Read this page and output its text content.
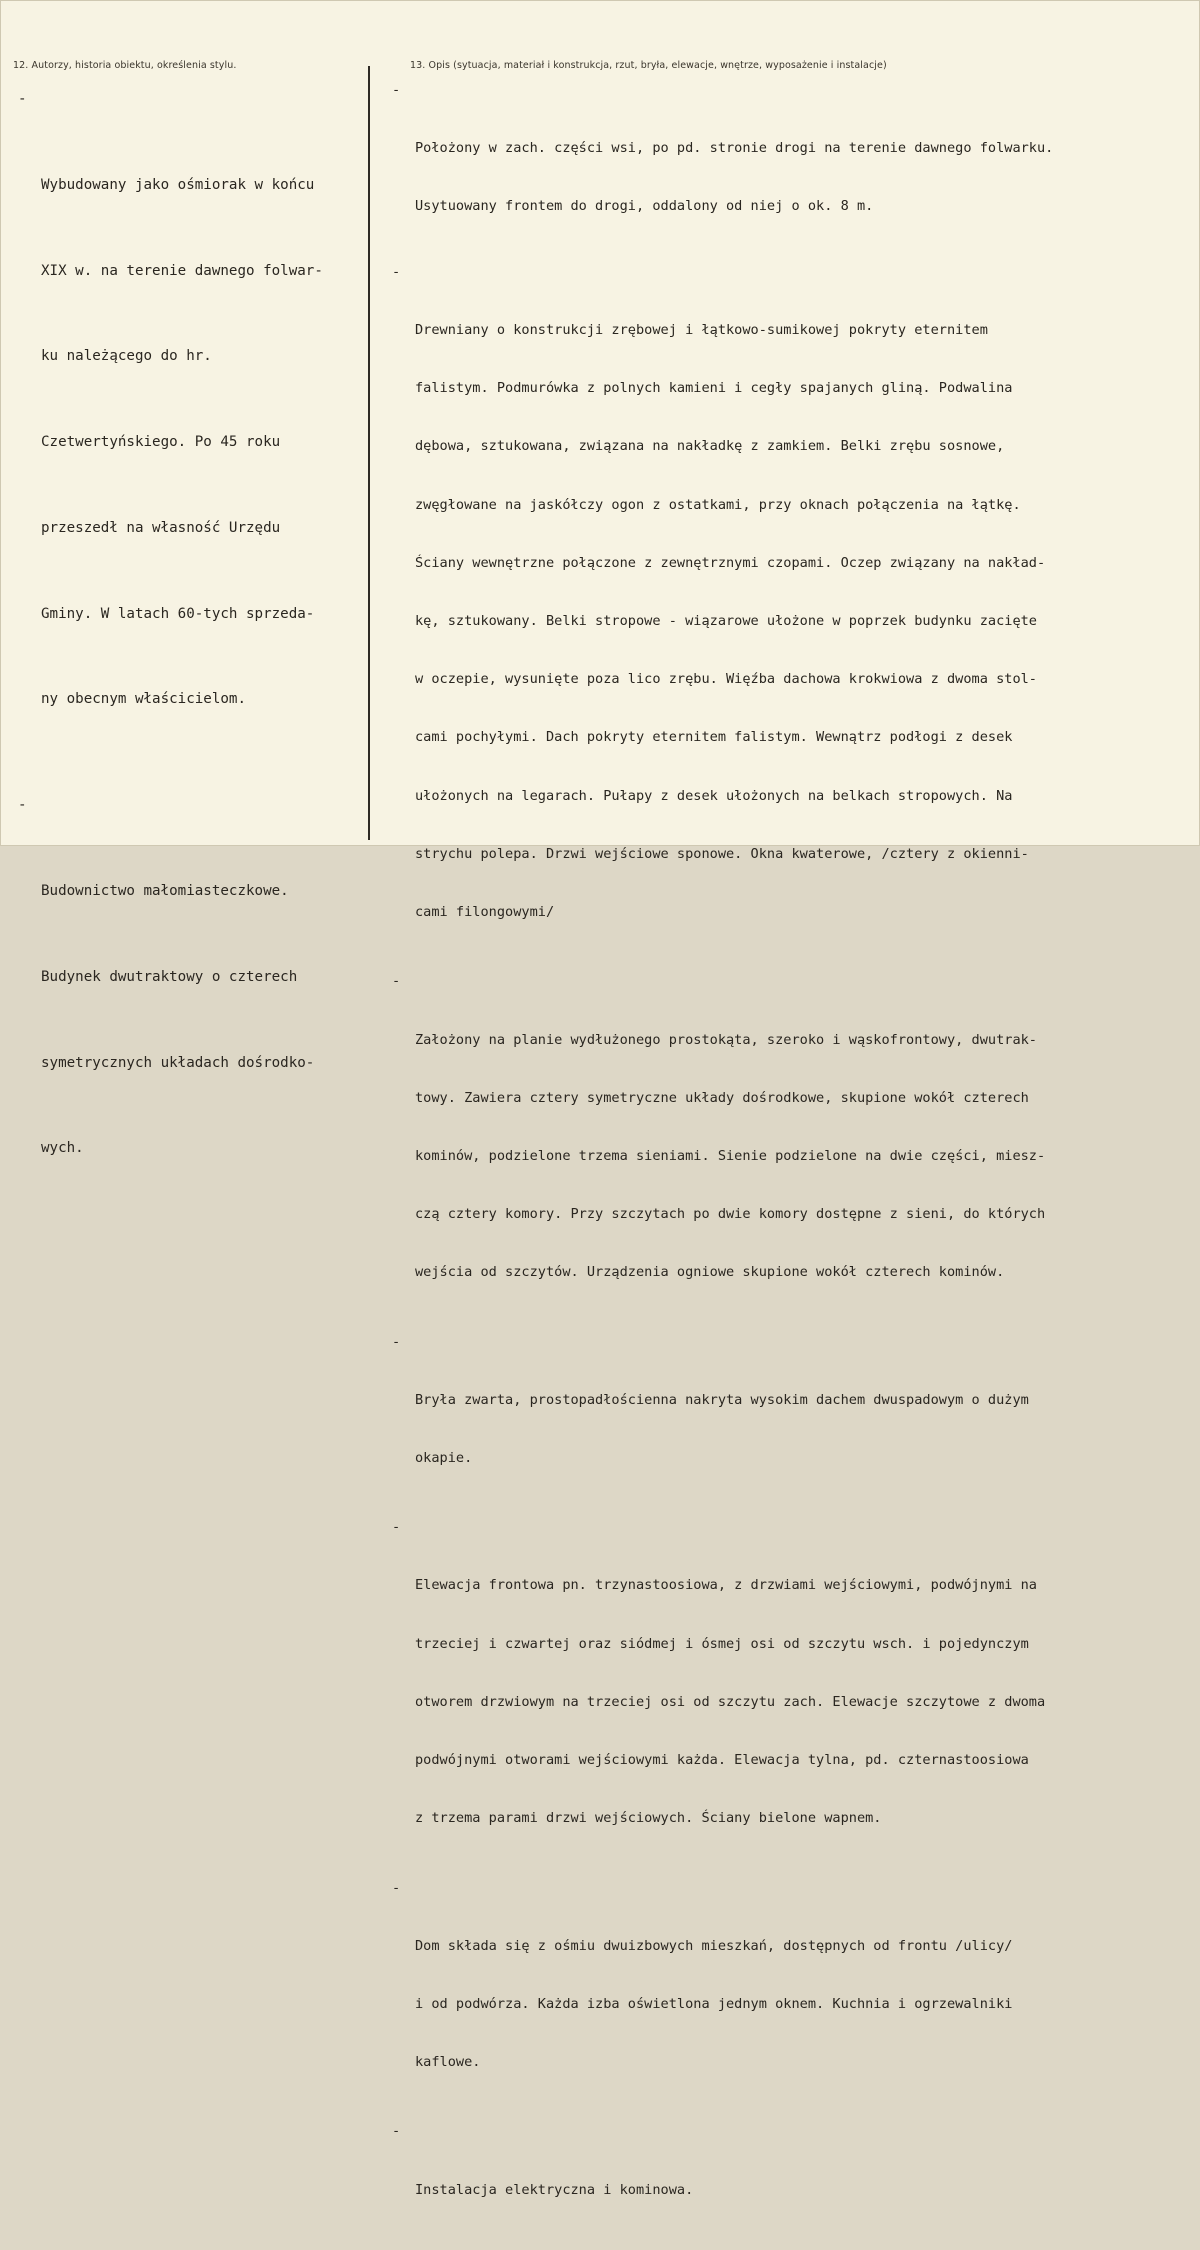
12. Autorzy, historia obiektu, określenia stylu.	13. Opis (sytuacja, materiał i konstrukcja, rzut, bryła, elewacje, wnętrze, wyposażenie i instalacje)

-

Wybudowany jako ośmiorak w końcu

XIX w. na terenie dawnego folwar-

ku należącego do hr.

Czetwertyńskiego. Po 45 roku

przeszedł na własność Urzędu

Gminy. W latach 60-tych sprzeda-

ny obecnym właścicielom.

-

Budownictwo małomiasteczkowe.

Budynek dwutraktowy o czterech

symetrycznych układach dośrodko-

wych.

-

Położony w zach. części wsi, po pd. stronie drogi na terenie dawnego folwarku.

Usytuowany frontem do drogi, oddalony od niej o ok. 8 m.

-

Drewniany o konstrukcji zrębowej i łątkowo-sumikowej pokryty eternitem

falistym. Podmurówka z polnych kamieni i cegły spajanych gliną. Podwalina

dębowa, sztukowana, związana na nakładkę z zamkiem. Belki zrębu sosnowe,

zwęgłowane na jaskółczy ogon z ostatkami, przy oknach połączenia na łątkę.

Ściany wewnętrzne połączone z zewnętrznymi czopami. Oczep związany na nakład-

kę, sztukowany. Belki stropowe - wiązarowe ułożone w poprzek budynku zacięte

w oczepie, wysunięte poza lico zrębu. Więźba dachowa krokwiowa z dwoma stol-

cami pochyłymi. Dach pokryty eternitem falistym. Wewnątrz podłogi z desek

ułożonych na legarach. Pułapy z desek ułożonych na belkach stropowych. Na

strychu polepa. Drzwi wejściowe sponowe. Okna kwaterowe, /cztery z okienni-

cami filongowymi/

-

Założony na planie wydłużonego prostokąta, szeroko i wąskofrontowy, dwutrak-

towy. Zawiera cztery symetryczne układy dośrodkowe, skupione wokół czterech

kominów, podzielone trzema sieniami. Sienie podzielone na dwie części, miesz-

czą cztery komory. Przy szczytach po dwie komory dostępne z sieni, do których

wejścia od szczytów. Urządzenia ogniowe skupione wokół czterech kominów.

-

Bryła zwarta, prostopadłościenna nakryta wysokim dachem dwuspadowym o dużym

okapie.

-

Elewacja frontowa pn. trzynastoosiowa, z drzwiami wejściowymi, podwójnymi na

trzeciej i czwartej oraz siódmej i ósmej osi od szczytu wsch. i pojedynczym

otworem drzwiowym na trzeciej osi od szczytu zach. Elewacje szczytowe z dwoma

podwójnymi otworami wejściowymi każda. Elewacja tylna, pd. czternastoosiowa

z trzema parami drzwi wejściowych. Ściany bielone wapnem.

-

Dom składa się z ośmiu dwuizbowych mieszkań, dostępnych od frontu /ulicy/

i od podwórza. Każda izba oświetlona jednym oknem. Kuchnia i ogrzewalniki

kaflowe.

-

Instalacja elektryczna i kominowa.
